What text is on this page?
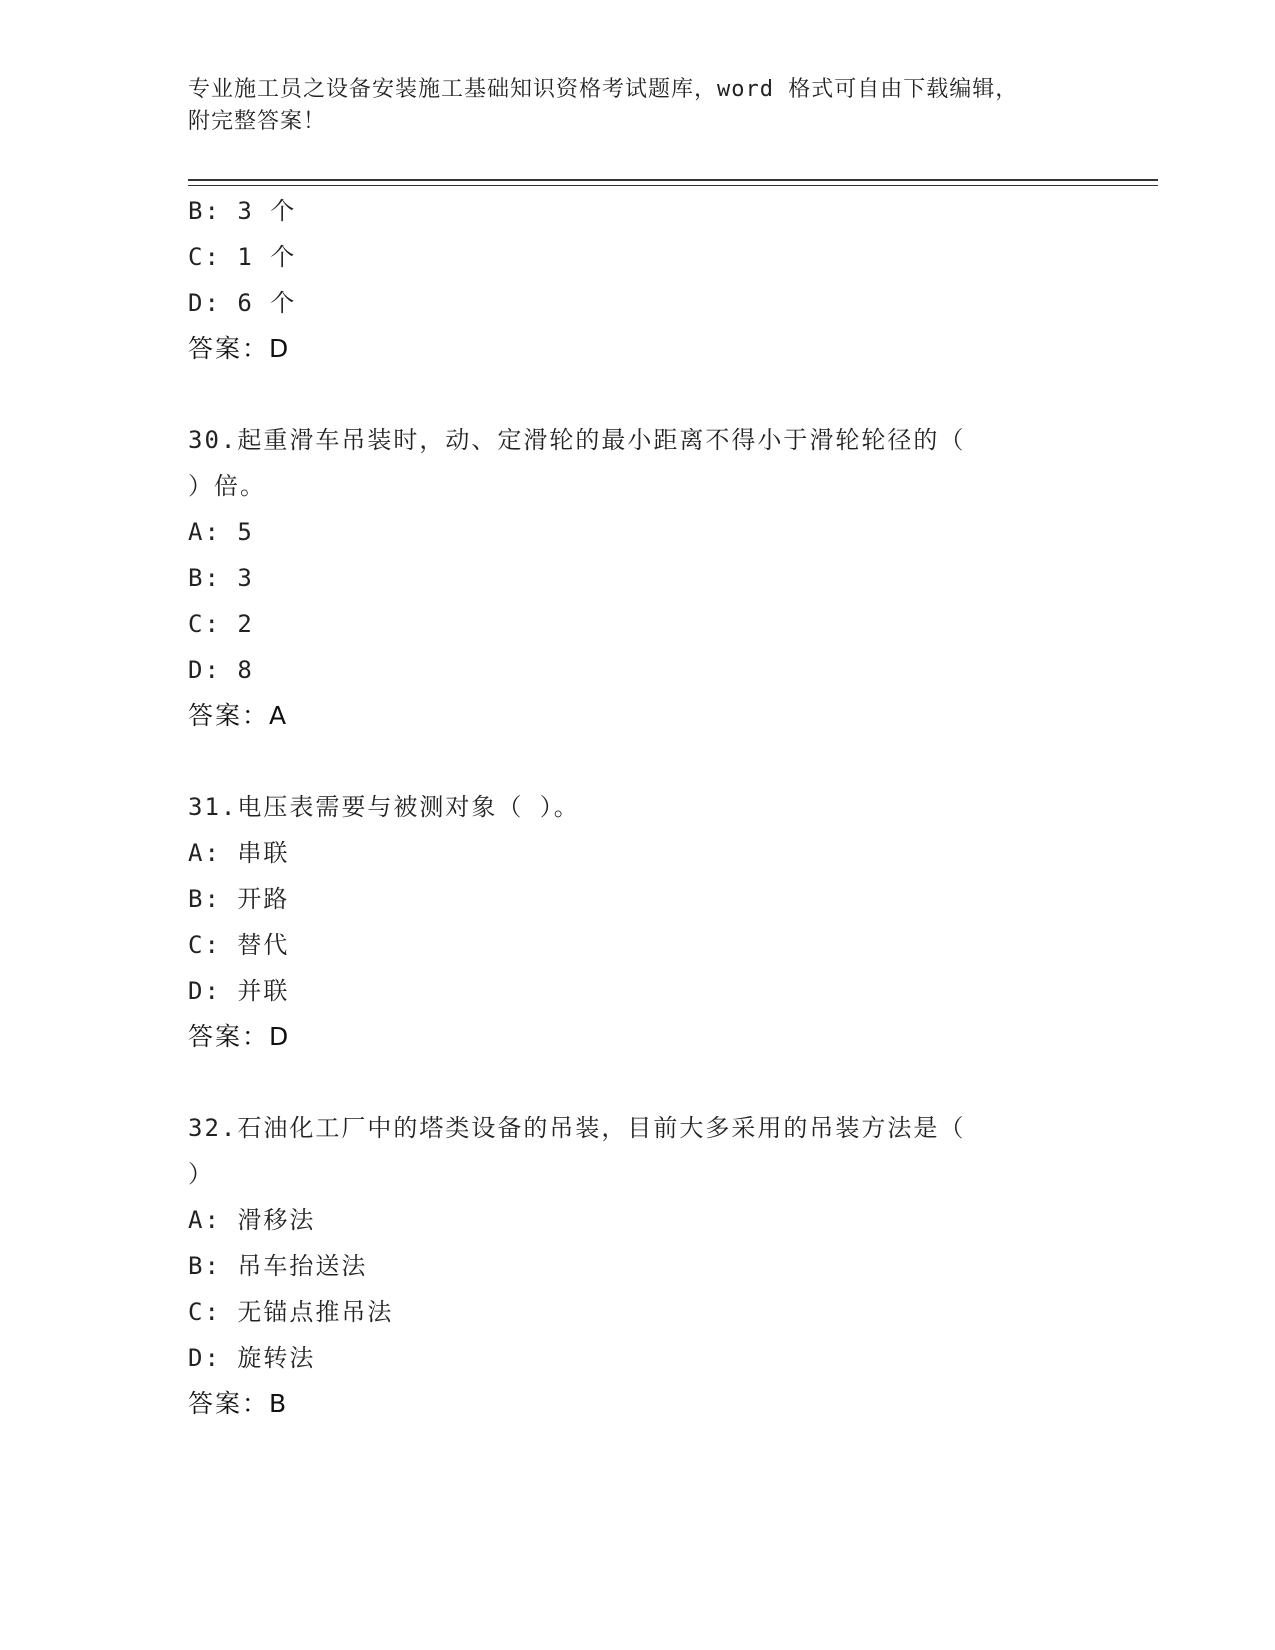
专业施工员之设备安装施工基础知识资格考试题库，word 格式可自由下载编辑，
附完整答案！
B: 3 个
C: 1 个
D: 6 个
答案：D
30.起重滑车吊装时，动、定滑轮的最小距离不得小于滑轮轮径的（
）倍。
A: 5
B: 3
C: 2
D: 8
答案：A
31.电压表需要与被测对象（ ）。
A: 串联
B: 开路
C: 替代
D: 并联
答案：D
32.石油化工厂中的塔类设备的吊装，目前大多采用的吊装方法是（
）
A: 滑移法
B: 吊车抬送法
C: 无锚点推吊法
D: 旋转法
答案：B
